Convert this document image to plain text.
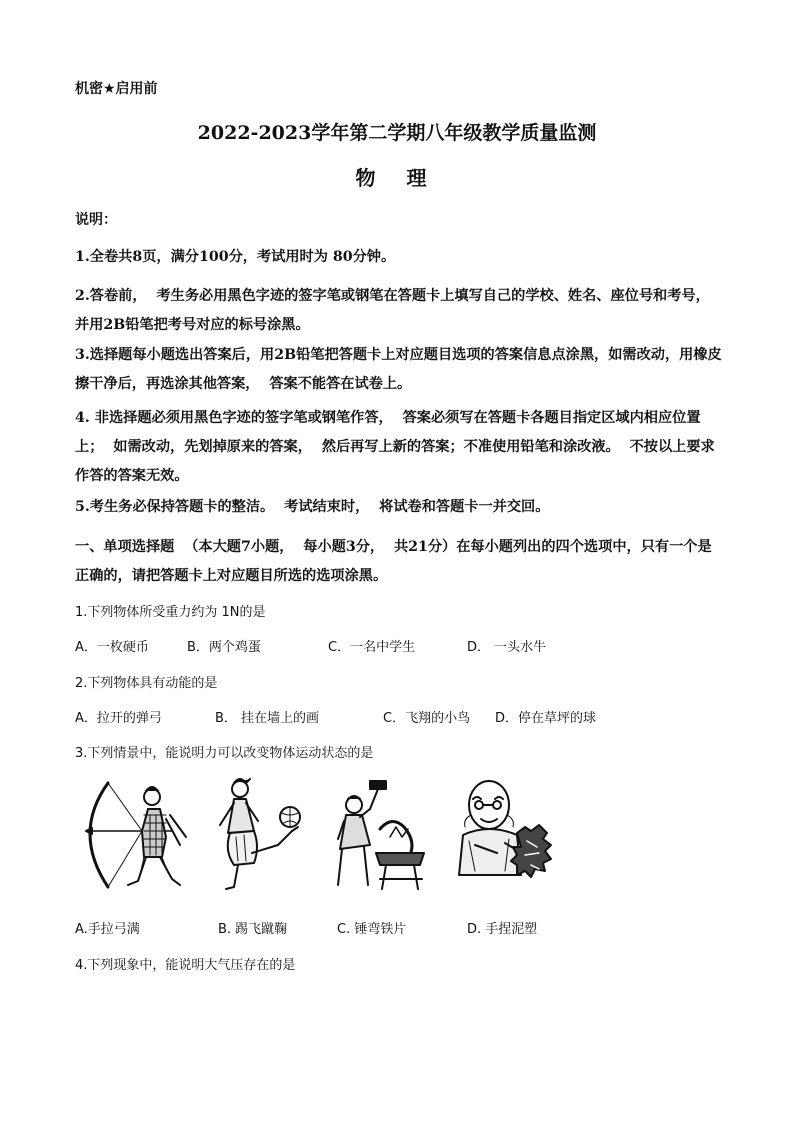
机密★启用前
2022-2023学年第二学期八年级教学质量监测
物 理
说明：
1.全卷共8页，满分100分，考试用时为 80分钟。
2.答卷前，  考生务必用黑色字迹的签字笔或钢笔在答题卡上填写自己的学校、姓名、座位号和考号，并用2B铅笔把考号对应的标号涂黑。
3.选择题每小题选出答案后，用2B铅笔把答题卡上对应题目选项的答案信息点涂黑，如需改动，用橡皮擦干净后，再选涂其他答案，  答案不能答在试卷上。
4. 非选择题必须用黑色字迹的签字笔或钢笔作答，  答案必须写在答题卡各题目指定区域内相应位置上；  如需改动，先划掉原来的答案，  然后再写上新的答案；不准使用铅笔和涂改液。  不按以上要求作答的答案无效。
5.考生务必保持答题卡的整洁。  考试结束时，  将试卷和答题卡一并交回。
一、单项选择题  （本大题7小题，  每小题3分，  共21分）在每小题列出的四个选项中，只有一个是正确的，请把答题卡上对应题目所选的选项涂黑。
1.下列物体所受重力约为 1N的是
A．一枚硬币	B．两个鸡蛋	C．一名中学生	D． 一头水牛
2.下列物体具有动能的是
A．拉开的弹弓	B． 挂在墙上的画	C．飞翔的小鸟 D．停在草坪的球
3.下列情景中，能说明力可以改变物体运动状态的是
A.手拉弓满	B. 踢飞蹴鞠	C. 锤弯铁片	D. 手捏泥塑
4.下列现象中，能说明大气压存在的是
